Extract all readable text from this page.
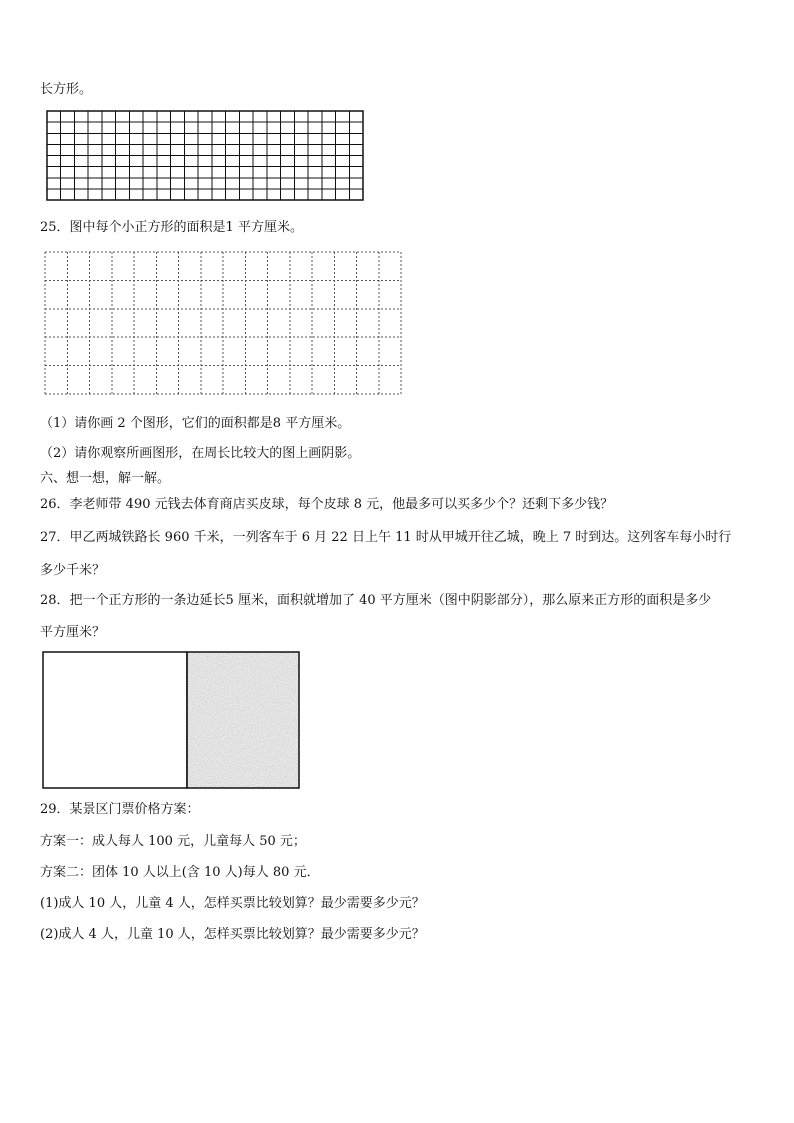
长方形。
25．图中每个小正方形的面积是1 平方厘米。
（1）请你画 2 个图形，它们的面积都是8 平方厘米。
（2）请你观察所画图形，在周长比较大的图上画阴影。
六、想一想，解一解。
26．李老师带 490 元钱去体育商店买皮球，每个皮球 8 元，他最多可以买多少个？还剩下多少钱？
27．甲乙两城铁路长 960 千米，一列客车于 6 月 22 日上午 11 时从甲城开往乙城，晚上 7 时到达。这列客车每小时行
多少千米？
28．把一个正方形的一条边延长5 厘米，面积就增加了 40 平方厘米（图中阴影部分），那么原来正方形的面积是多少
平方厘米？
29．某景区门票价格方案：
方案一：成人每人 100 元，儿童每人 50 元；
方案二：团体 10 人以上(含 10 人)每人 80 元．
(1)成人 10 人，儿童 4 人，怎样买票比较划算？最少需要多少元？
(2)成人 4 人，儿童 10 人，怎样买票比较划算？最少需要多少元？
